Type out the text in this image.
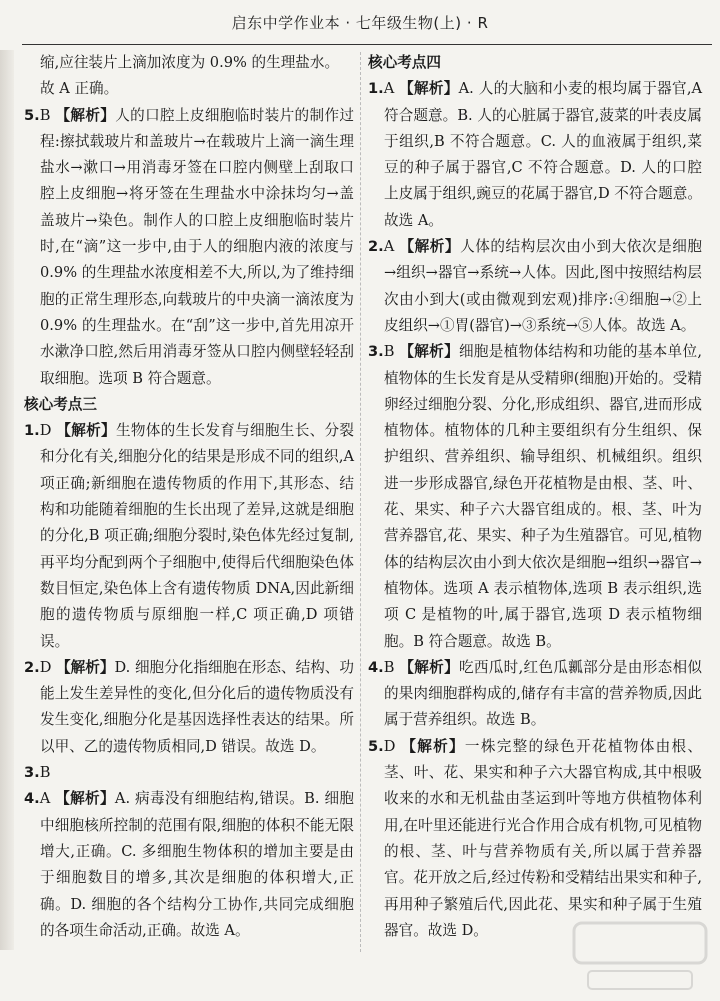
启东中学作业本 · 七年级生物(上) · R

缩,应往装片上滴加浓度为 0.9% 的生理盐水。
故 A 正确。

5.B 【解析】人的口腔上皮细胞临时装片的制作过程:擦拭载玻片和盖玻片→在载玻片上滴一滴生理盐水→漱口→用消毒牙签在口腔内侧壁上刮取口腔上皮细胞→将牙签在生理盐水中涂抹均匀→盖盖玻片→染色。制作人的口腔上皮细胞临时装片时,在“滴”这一步中,由于人的细胞内液的浓度与 0.9% 的生理盐水浓度相差不大,所以,为了维持细胞的正常生理形态,向载玻片的中央滴一滴浓度为 0.9% 的生理盐水。在“刮”这一步中,首先用凉开水漱净口腔,然后用消毒牙签从口腔内侧壁轻轻刮取细胞。选项 B 符合题意。

核心考点三

1.D 【解析】生物体的生长发育与细胞生长、分裂和分化有关,细胞分化的结果是形成不同的组织,A 项正确;新细胞在遗传物质的作用下,其形态、结构和功能随着细胞的生长出现了差异,这就是细胞的分化,B 项正确;细胞分裂时,染色体先经过复制,再平均分配到两个子细胞中,使得后代细胞染色体数目恒定,染色体上含有遗传物质 DNA,因此新细胞的遗传物质与原细胞一样,C 项正确,D 项错误。

2.D 【解析】D. 细胞分化指细胞在形态、结构、功能上发生差异性的变化,但分化后的遗传物质没有发生变化,细胞分化是基因选择性表达的结果。所以甲、乙的遗传物质相同,D 错误。故选 D。

3.B

4.A 【解析】A. 病毒没有细胞结构,错误。B. 细胞中细胞核所控制的范围有限,细胞的体积不能无限增大,正确。C. 多细胞生物体积的增加主要是由于细胞数目的增多,其次是细胞的体积增大,正确。D. 细胞的各个结构分工协作,共同完成细胞的各项生命活动,正确。故选 A。

核心考点四

1.A 【解析】A. 人的大脑和小麦的根均属于器官,A 符合题意。B. 人的心脏属于器官,菠菜的叶表皮属于组织,B 不符合题意。C. 人的血液属于组织,菜豆的种子属于器官,C 不符合题意。D. 人的口腔上皮属于组织,豌豆的花属于器官,D 不符合题意。故选 A。

2.A 【解析】人体的结构层次由小到大依次是细胞→组织→器官→系统→人体。因此,图中按照结构层次由小到大(或由微观到宏观)排序:④细胞→②上皮组织→①胃(器官)→③系统→⑤人体。故选 A。

3.B 【解析】细胞是植物体结构和功能的基本单位,植物体的生长发育是从受精卵(细胞)开始的。受精卵经过细胞分裂、分化,形成组织、器官,进而形成植物体。植物体的几种主要组织有分生组织、保护组织、营养组织、输导组织、机械组织。组织进一步形成器官,绿色开花植物是由根、茎、叶、花、果实、种子六大器官组成的。根、茎、叶为营养器官,花、果实、种子为生殖器官。可见,植物体的结构层次由小到大依次是细胞→组织→器官→植物体。选项 A 表示植物体,选项 B 表示组织,选项 C 是植物的叶,属于器官,选项 D 表示植物细胞。B 符合题意。故选 B。

4.B 【解析】吃西瓜时,红色瓜瓤部分是由形态相似的果肉细胞群构成的,储存有丰富的营养物质,因此属于营养组织。故选 B。

5.D 【解析】一株完整的绿色开花植物体由根、茎、叶、花、果实和种子六大器官构成,其中根吸收来的水和无机盐由茎运到叶等地方供植物体利用,在叶里还能进行光合作用合成有机物,可见植物的根、茎、叶与营养物质有关,所以属于营养器官。花开放之后,经过传粉和受精结出果实和种子,再用种子繁殖后代,因此花、果实和种子属于生殖器官。故选 D。
